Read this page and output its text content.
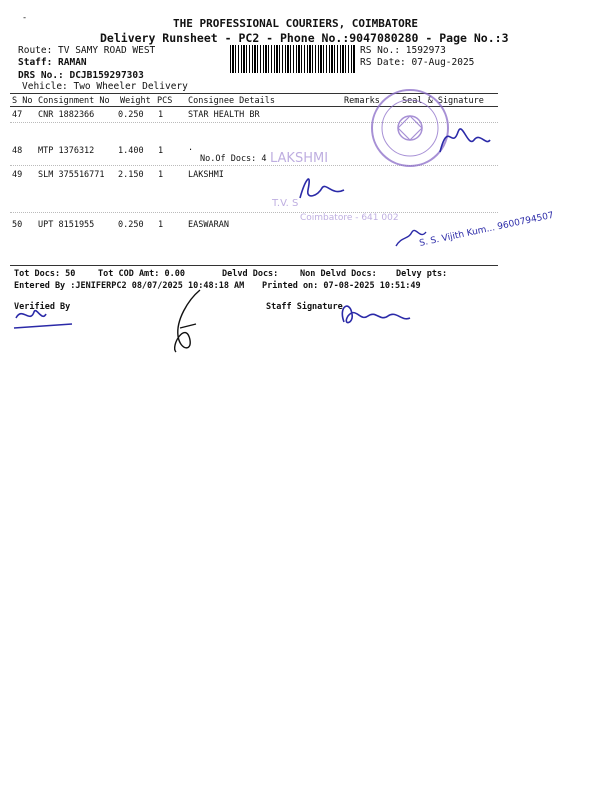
-	THE PROFESSIONAL COURIERS, COIMBATORE
Delivery Runsheet - PC2 - Phone No.:9047080280 - Page No.:3
Route: TV SAMY ROAD WEST
Staff: RAMAN
DRS No.: DCJB159297303
Vehicle: Two Wheeler Delivery
RS No.: 1592973
RS Date: 07-Aug-2025
S No Consignment No Weight PCS Consignee Details	Remarks	Seal & Signature
47 CNR 1882366	0.250 1	STAR HEALTH BR
48 MTP 1376312	1.400 1	.
No.Of Docs: 4
49 SLM 375516771 2.150 1	LAKSHMI
50 UPT 8151955	0.250 1	EASWARAN
Tot Docs: 50	Tot COD Amt: 0.00	Delvd Docs:	Non Delvd Docs: Delvy pts:
Entered By :JENIFERPC2 08/07/2025 10:48:18 AM Printed on: 07-08-2025 10:51:49
Verified By	Staff Signature
LAKSHMI
T.V. S
Coimbatore - 641 002 S. S. Vijith Kum... 9600794507
